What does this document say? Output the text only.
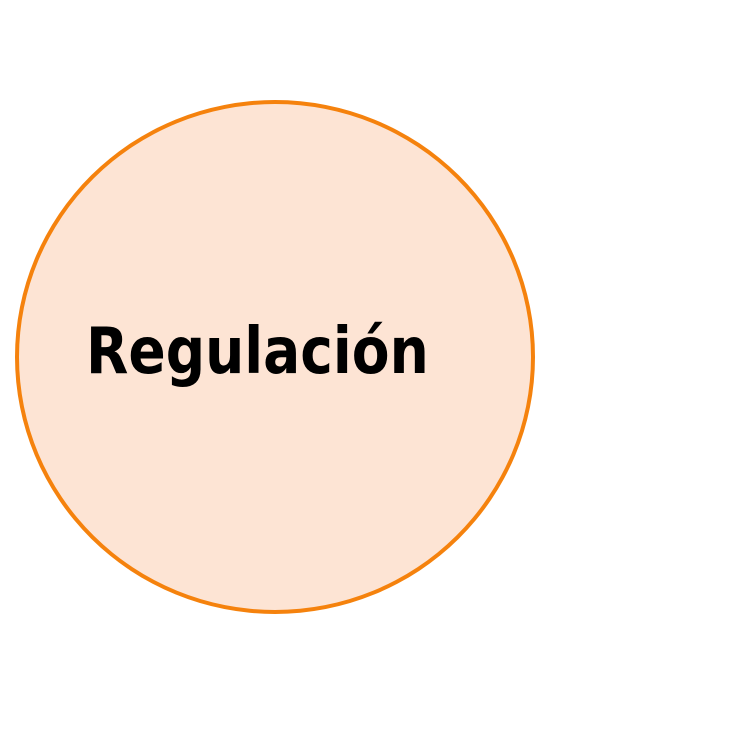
Regulación
